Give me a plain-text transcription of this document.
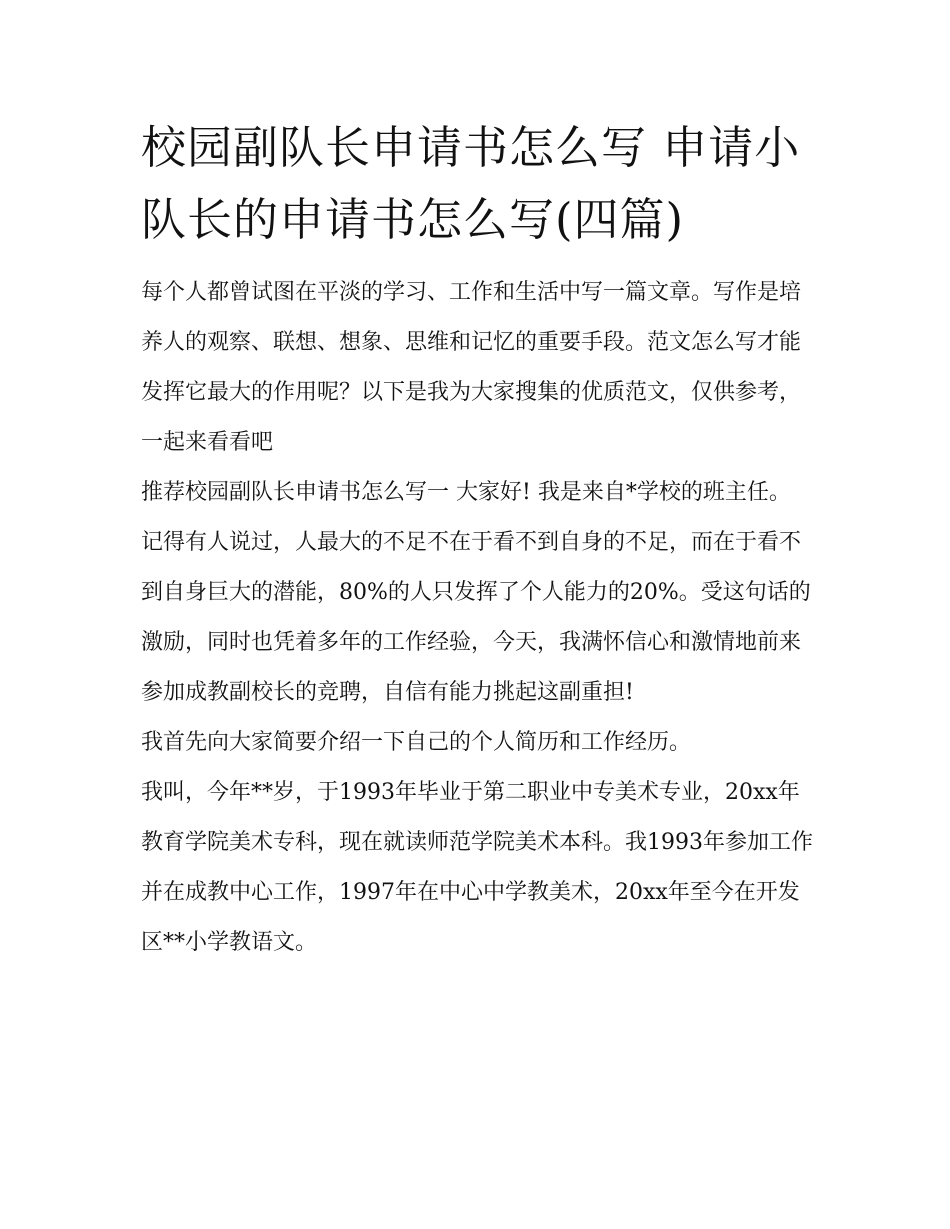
校园副队长申请书怎么写 申请小队长的申请书怎么写(四篇)

每个人都曾试图在平淡的学习、工作和生活中写一篇文章。写作是培养人的观察、联想、想象、思维和记忆的重要手段。范文怎么写才能发挥它最大的作用呢？以下是我为大家搜集的优质范文，仅供参考，一起来看看吧

推荐校园副队长申请书怎么写一 大家好! 我是来自*学校的班主任。

记得有人说过，人最大的不足不在于看不到自身的不足，而在于看不到自身巨大的潜能，80%的人只发挥了个人能力的20%。受这句话的激励，同时也凭着多年的工作经验，今天，我满怀信心和激情地前来参加成教副校长的竞聘，自信有能力挑起这副重担!

我首先向大家简要介绍一下自己的个人简历和工作经历。

我叫，今年**岁，于1993年毕业于第二职业中专美术专业，20xx年教育学院美术专科，现在就读师范学院美术本科。我1993年参加工作并在成教中心工作，1997年在中心中学教美术，20xx年至今在开发区**小学教语文。
